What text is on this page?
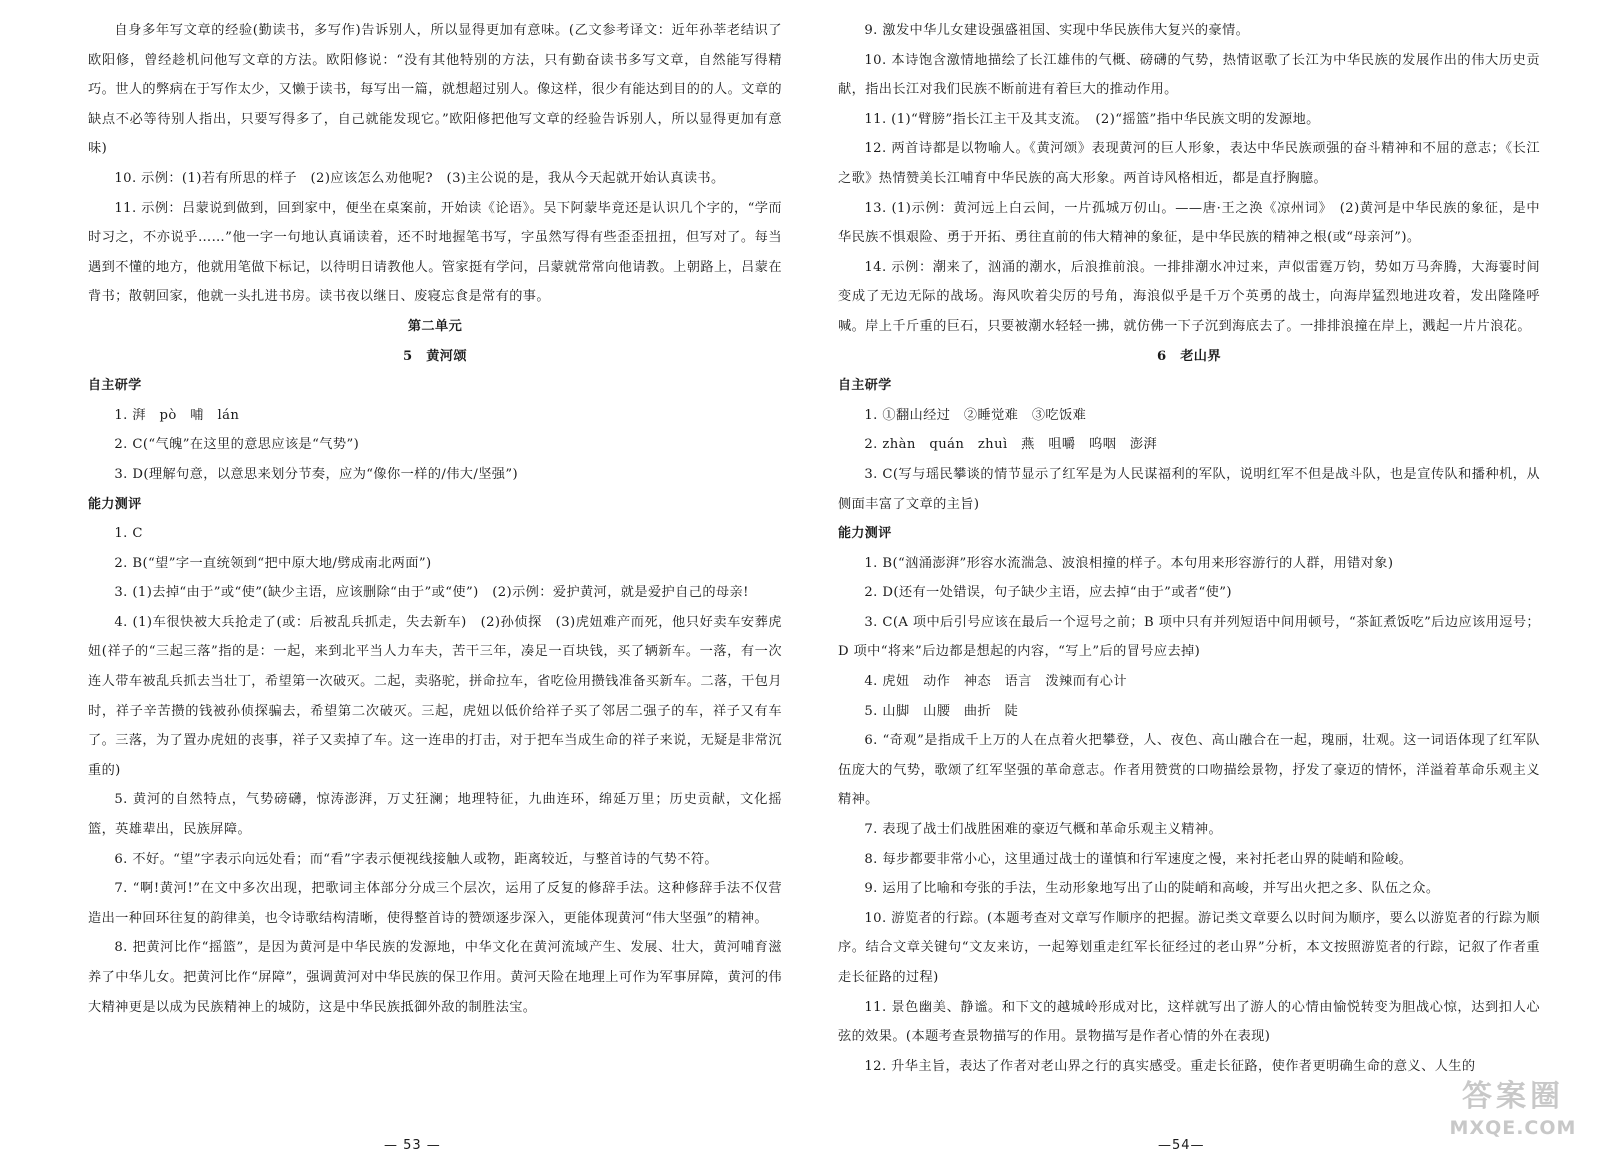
自身多年写文章的经验(勤读书，多写作)告诉别人，所以显得更加有意味。(乙文参考译文：近年孙莘老结识了欧阳修，曾经趁机问他写文章的方法。欧阳修说：“没有其他特别的方法，只有勤奋读书多写文章，自然能写得精巧。世人的弊病在于写作太少，又懒于读书，每写出一篇，就想超过别人。像这样，很少有能达到目的的人。文章的缺点不必等待别人指出，只要写得多了，自己就能发现它。”欧阳修把他写文章的经验告诉别人，所以显得更加有意味)

10. 示例：(1)若有所思的样子　(2)应该怎么劝他呢?　(3)主公说的是，我从今天起就开始认真读书。

11. 示例：吕蒙说到做到，回到家中，便坐在桌案前，开始读《论语》。吴下阿蒙毕竟还是认识几个字的，“学而时习之，不亦说乎……”他一字一句地认真诵读着，还不时地握笔书写，字虽然写得有些歪歪扭扭，但写对了。每当遇到不懂的地方，他就用笔做下标记，以待明日请教他人。管家挺有学问，吕蒙就常常向他请教。上朝路上，吕蒙在背书；散朝回家，他就一头扎进书房。读书夜以继日、废寝忘食是常有的事。

第二单元

5　黄河颂

自主研学

1. 湃　pò　哺　lán

2. C(“气魄”在这里的意思应该是“气势”)

3. D(理解句意，以意思来划分节奏，应为“像你一样的/伟大/坚强”)

能力测评

1. C

2. B(“望”字一直统领到“把中原大地/劈成南北两面”)

3. (1)去掉“由于”或“使”(缺少主语，应该删除“由于”或“使”)　(2)示例：爱护黄河，就是爱护自己的母亲!

4. (1)车很快被大兵抢走了(或：后被乱兵抓走，失去新车)　(2)孙侦探　(3)虎妞难产而死，他只好卖车安葬虎妞(祥子的“三起三落”指的是：一起，来到北平当人力车夫，苦干三年，凑足一百块钱，买了辆新车。一落，有一次连人带车被乱兵抓去当壮丁，希望第一次破灭。二起，卖骆驼，拼命拉车，省吃俭用攒钱准备买新车。二落，干包月时，祥子辛苦攒的钱被孙侦探骗去，希望第二次破灭。三起，虎妞以低价给祥子买了邻居二强子的车，祥子又有车了。三落，为了置办虎妞的丧事，祥子又卖掉了车。这一连串的打击，对于把车当成生命的祥子来说，无疑是非常沉重的)

5. 黄河的自然特点，气势磅礴，惊涛澎湃，万丈狂澜；地理特征，九曲连环，绵延万里；历史贡献，文化摇篮，英雄辈出，民族屏障。

6. 不好。“望”字表示向远处看；而“看”字表示便视线接触人或物，距离较近，与整首诗的气势不符。

7. “啊!黄河!”在文中多次出现，把歌词主体部分分成三个层次，运用了反复的修辞手法。这种修辞手法不仅营造出一种回环往复的韵律美，也令诗歌结构清晰，使得整首诗的赞颂逐步深入，更能体现黄河“伟大坚强”的精神。

8. 把黄河比作“摇篮”，是因为黄河是中华民族的发源地，中华文化在黄河流域产生、发展、壮大，黄河哺育滋养了中华儿女。把黄河比作“屏障”，强调黄河对中华民族的保卫作用。黄河天险在地理上可作为军事屏障，黄河的伟大精神更是以成为民族精神上的城防，这是中华民族抵御外敌的制胜法宝。

— 53 —

9. 激发中华儿女建设强盛祖国、实现中华民族伟大复兴的豪情。

10. 本诗饱含激情地描绘了长江雄伟的气概、磅礴的气势，热情讴歌了长江为中华民族的发展作出的伟大历史贡献，指出长江对我们民族不断前进有着巨大的推动作用。

11. (1)“臂膀”指长江主干及其支流。　(2)“摇篮”指中华民族文明的发源地。

12. 两首诗都是以物喻人。《黄河颂》表现黄河的巨人形象，表达中华民族顽强的奋斗精神和不屈的意志；《长江之歌》热情赞美长江哺育中华民族的高大形象。两首诗风格相近，都是直抒胸臆。

13. (1)示例：黄河远上白云间，一片孤城万仞山。——唐·王之涣《凉州词》　(2)黄河是中华民族的象征，是中华民族不惧艰险、勇于开拓、勇往直前的伟大精神的象征，是中华民族的精神之根(或“母亲河”)。

14. 示例：潮来了，汹涌的潮水，后浪推前浪。一排排潮水冲过来，声似雷霆万钧，势如万马奔腾，大海霎时间变成了无边无际的战场。海风吹着尖厉的号角，海浪似乎是千万个英勇的战士，向海岸猛烈地进攻着，发出隆隆呼喊。岸上千斤重的巨石，只要被潮水轻轻一拂，就仿佛一下子沉到海底去了。一排排浪撞在岸上，溅起一片片浪花。

6　老山界

自主研学

1. ①翻山经过　②睡觉难　③吃饭难

2. zhàn　quán　zhuì　燕　咀嚼　呜咽　澎湃

3. C(写与瑶民攀谈的情节显示了红军是为人民谋福利的军队，说明红军不但是战斗队，也是宣传队和播种机，从侧面丰富了文章的主旨)

能力测评

1. B(“汹涌澎湃”形容水流湍急、波浪相撞的样子。本句用来形容游行的人群，用错对象)

2. D(还有一处错误，句子缺少主语，应去掉“由于”或者“使”)

3. C(A 项中后引号应该在最后一个逗号之前；B 项中只有并列短语中间用顿号，“茶缸煮饭吃”后边应该用逗号；D 项中“将来”后边都是想起的内容，“写上”后的冒号应去掉)

4. 虎妞　动作　神态　语言　泼辣而有心计

5. 山脚　山腰　曲折　陡

6. “奇观”是指成千上万的人在点着火把攀登，人、夜色、高山融合在一起，瑰丽，壮观。这一词语体现了红军队伍庞大的气势，歌颂了红军坚强的革命意志。作者用赞赏的口吻描绘景物，抒发了豪迈的情怀，洋溢着革命乐观主义精神。

7. 表现了战士们战胜困难的豪迈气概和革命乐观主义精神。

8. 每步都要非常小心，这里通过战士的谨慎和行军速度之慢，来衬托老山界的陡峭和险峻。

9. 运用了比喻和夸张的手法，生动形象地写出了山的陡峭和高峻，并写出火把之多、队伍之众。

10. 游览者的行踪。(本题考查对文章写作顺序的把握。游记类文章要么以时间为顺序，要么以游览者的行踪为顺序。结合文章关键句“文友来访，一起筹划重走红军长征经过的老山界”分析，本文按照游览者的行踪，记叙了作者重走长征路的过程)

11. 景色幽美、静谧。和下文的越城岭形成对比，这样就写出了游人的心情由愉悦转变为胆战心惊，达到扣人心弦的效果。(本题考查景物描写的作用。景物描写是作者心情的外在表现)

12. 升华主旨，表达了作者对老山界之行的真实感受。重走长征路，使作者更明确生命的意义、人生的

—54—
答案圈
MXQE.COM
